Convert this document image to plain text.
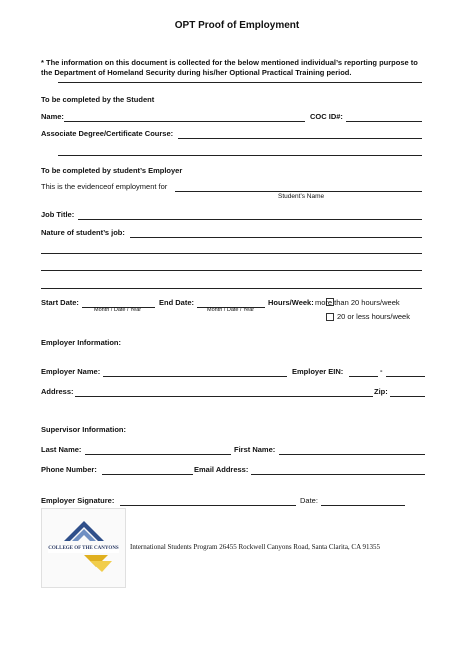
OPT Proof of Employment
* The information on this document is collected for the below mentioned individual’s reporting purpose to
the Department of Homeland Security during his/her Optional Practical Training period.
To be completed by the Student
Name:	COC ID#:
Associate Degree/Certificate Course:
To be completed by student’s Employer
This is the evidenceof employment for
Student’s Name
Job Title:
Nature of student’s job:
Start Date:
Month / Date / Year
End Date:
Month / Date / Year
Hours/Week: more than 20 hours/week
20 or less hours/week
Employer Information:
Employer Name:	Employer EIN:	-
Address:	Zip:
Supervisor Information:
Last Name:	First Name:
Phone Number:	Email Address:
Employer Signature:	Date:
COLLEGE OF THE CANYONS	International Students Program 26455 Rockwell Canyons Road, Santa Clarita, CA 91355
